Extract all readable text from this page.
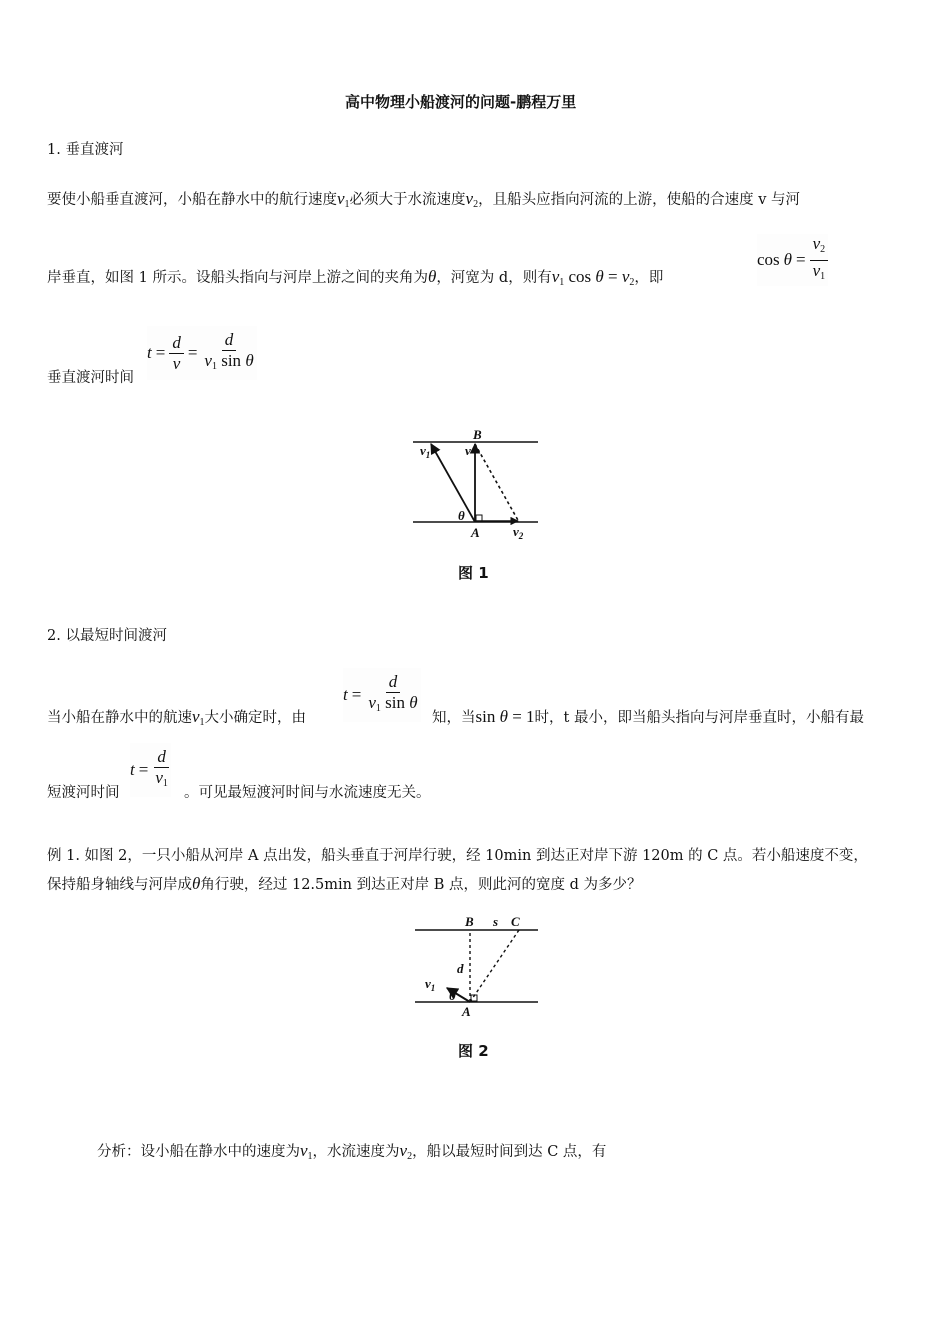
高中物理小船渡河的问题-鹏程万里
1. 垂直渡河
要使小船垂直渡河，小船在静水中的航行速度$v_1$必须大于水流速度$v_2$，且船头应指向河流的上游，使船的合速度 v 与河
岸垂直，如图 1 所示。设船头指向与河岸上游之间的夹角为θ，河宽为 d，则有$v_1$ $\cos \theta = v_2$，即
$\cos \theta = \frac{v_2}{v_1}$
垂直渡河时间
$t = \frac{d}{v} = \frac{d}{v_1 \sin \theta}$
B
$v_1$	v
θ
A	$v_2$
图 1
2. 以最短时间渡河
当小船在静水中的航速$v_1$大小确定时，由
$t = \frac{d}{v_1 \sin \theta}$
知，当sin θ = 1时，t 最小，即当船头指向与河岸垂直时，小船有最
短渡河时间
$t = \frac{d}{v_1}$
。可见最短渡河时间与水流速度无关。
例 1. 如图 2，一只小船从河岸 A 点出发，船头垂直于河岸行驶，经 10min 到达正对岸下游 120m 的 C 点。若小船速度不变，
保持船身轴线与河岸成θ角行驶，经过 12.5min 到达正对岸 B 点，则此河的宽度 d 为多少？
B s C
d
$v_1$ θ
A
图 2
分析：设小船在静水中的速度为$v_1$，水流速度为$v_2$，船以最短时间到达 C 点，有
